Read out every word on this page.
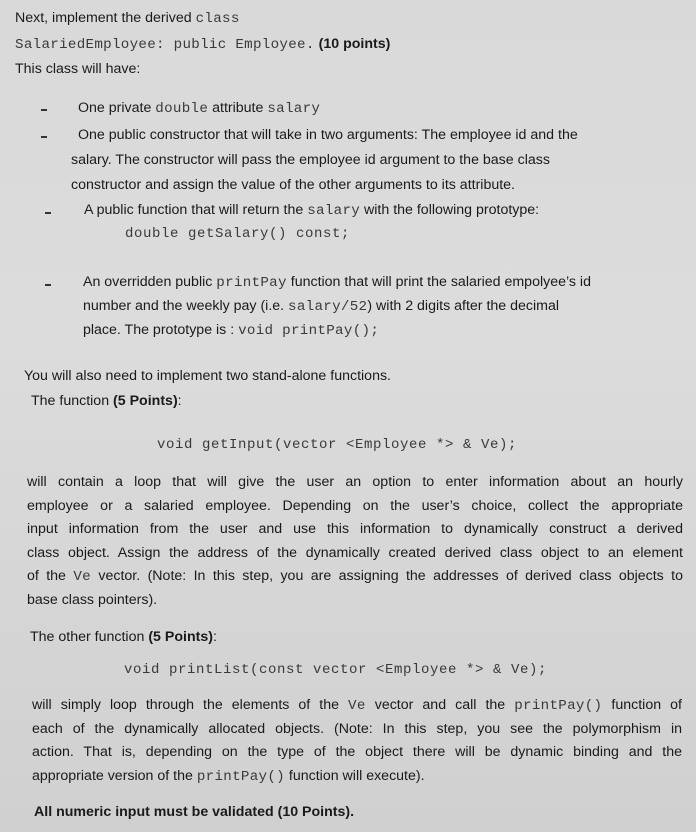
Next, implement the derived class
SalariedEmployee: public Employee. (10 points)
This class will have:
One private double attribute salary
One public constructor that will take in two arguments: The employee id and the
salary. The constructor will pass the employee id argument to the base class
constructor and assign the value of the other arguments to its attribute.
A public function that will return the salary with the following prototype:
double getSalary() const;
An overridden public printPay function that will print the salaried empolyee’s id
number and the weekly pay (i.e. salary/52) with 2 digits after the decimal
place. The prototype is : void printPay();
You will also need to implement two stand-alone functions.
The function (5 Points):
void getInput(vector <Employee *> & Ve);
will contain a loop that will give the user an option to enter information about an hourly
employee or a salaried employee. Depending on the user’s choice, collect the appropriate
input information from the user and use this information to dynamically construct a derived
class object. Assign the address of the dynamically created derived class object to an element
of the Ve vector. (Note: In this step, you are assigning the addresses of derived class objects to
base class pointers).
The other function (5 Points):
void printList(const vector <Employee *> & Ve);
will simply loop through the elements of the Ve vector and call the printPay() function of
each of the dynamically allocated objects. (Note: In this step, you see the polymorphism in
action. That is, depending on the type of the object there will be dynamic binding and the
appropriate version of the printPay() function will execute).
All numeric input must be validated (10 Points).
